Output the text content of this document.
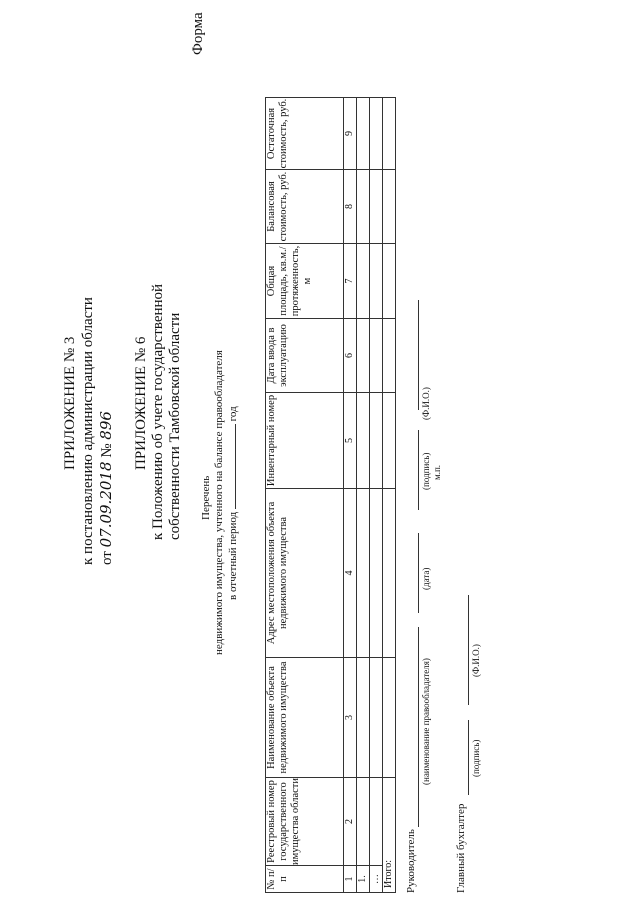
ПРИЛОЖЕНИЕ № 3 к постановлению администрации области от 07.09.2018 № 896 ПРИЛОЖЕНИЕ № 6 к Положению об учете государственной собственности Тамбовской области
Форма
Перечень недвижимого имущества, учтенного на балансе правообладателя в отчетный период  год
№ п/п	Реестровый номер государственного имущества области	Наименование объекта недвижимого имущества	Адрес местоположения объекта недвижимого имущества	Инвентарный номер	Дата ввода в эксплуатацию	Общая площадь, кв.м./ протяженность, м	Балансовая стоимость, руб.	Остаточная стоимость, руб.
1	2	3	4	5	6	7	8	9
1.								
…								
Итого:								Руководитель
(наименование правообладателя)
(дата)
(подпись) м.п.
(Ф.И.О.)
Главный бухгалтер
(подпись)
(Ф.И.О.)
